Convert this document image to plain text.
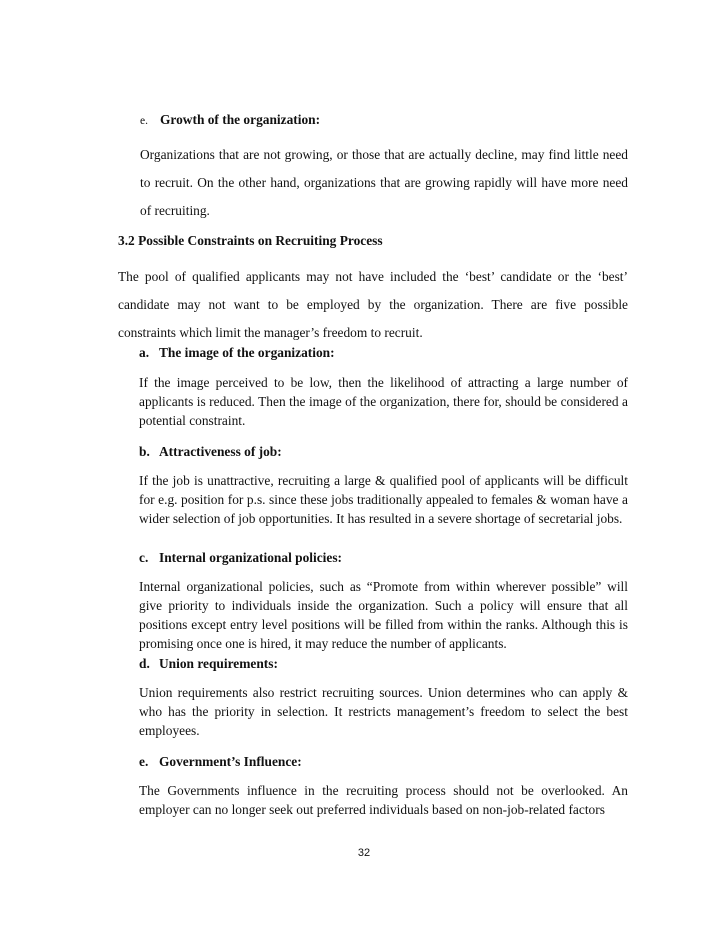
e. Growth of the organization:

Organizations that are not growing, or those that are actually decline, may find little need to recruit. On the other hand, organizations that are growing rapidly will have more need of recruiting.

3.2 Possible Constraints on Recruiting Process

The pool of qualified applicants may not have included the ‘best’ candidate or the ‘best’ candidate may not want to be employed by the organization. There are five possible constraints which limit the manager’s freedom to recruit.

a. The image of the organization:

If the image perceived to be low, then the likelihood of attracting a large number of applicants is reduced. Then the image of the organization, there for, should be considered a potential constraint.

b. Attractiveness of job:

If the job is unattractive, recruiting a large & qualified pool of applicants will be difficult for e.g. position for p.s. since these jobs traditionally appealed to females & woman have a wider selection of job opportunities. It has resulted in a severe shortage of secretarial jobs.

c. Internal organizational policies:

Internal organizational policies, such as “Promote from within wherever possible” will give priority to individuals inside the organization. Such a policy will ensure that all positions except entry level positions will be filled from within the ranks. Although this is promising once one is hired, it may reduce the number of applicants.

d. Union requirements:

Union requirements also restrict recruiting sources. Union determines who can apply & who has the priority in selection. It restricts management’s freedom to select the best employees.

e. Government’s Influence:

The Governments influence in the recruiting process should not be overlooked. An employer can no longer seek out preferred individuals based on non-job-related factors

32
